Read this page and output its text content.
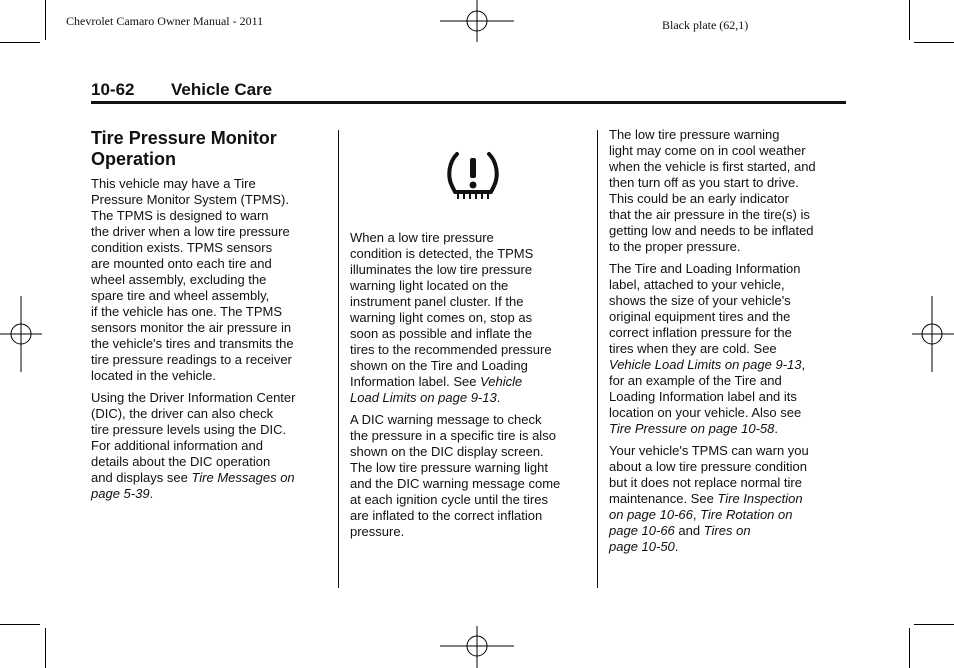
Chevrolet Camaro Owner Manual - 2011	Black plate (62,1)
10-62 Vehicle Care
Tire Pressure Monitor
Operation

This vehicle may have a Tire
Pressure Monitor System (TPMS).
The TPMS is designed to warn
the driver when a low tire pressure
condition exists. TPMS sensors
are mounted onto each tire and
wheel assembly, excluding the
spare tire and wheel assembly,
if the vehicle has one. The TPMS
sensors monitor the air pressure in
the vehicle's tires and transmits the
tire pressure readings to a receiver
located in the vehicle.

Using the Driver Information Center
(DIC), the driver can also check
tire pressure levels using the DIC.
For additional information and
details about the DIC operation
and displays see Tire Messages on
page 5-39.

When a low tire pressure
condition is detected, the TPMS
illuminates the low tire pressure
warning light located on the
instrument panel cluster. If the
warning light comes on, stop as
soon as possible and inflate the
tires to the recommended pressure
shown on the Tire and Loading
Information label. See Vehicle
Load Limits on page 9-13.

A DIC warning message to check
the pressure in a specific tire is also
shown on the DIC display screen.
The low tire pressure warning light
and the DIC warning message come
at each ignition cycle until the tires
are inflated to the correct inflation
pressure.

The low tire pressure warning
light may come on in cool weather
when the vehicle is first started, and
then turn off as you start to drive.
This could be an early indicator
that the air pressure in the tire(s) is
getting low and needs to be inflated
to the proper pressure.

The Tire and Loading Information
label, attached to your vehicle,
shows the size of your vehicle's
original equipment tires and the
correct inflation pressure for the
tires when they are cold. See
Vehicle Load Limits on page 9-13,
for an example of the Tire and
Loading Information label and its
location on your vehicle. Also see
Tire Pressure on page 10-58.

Your vehicle's TPMS can warn you
about a low tire pressure condition
but it does not replace normal tire
maintenance. See Tire Inspection
on page 10-66, Tire Rotation on
page 10-66 and Tires on
page 10-50.
